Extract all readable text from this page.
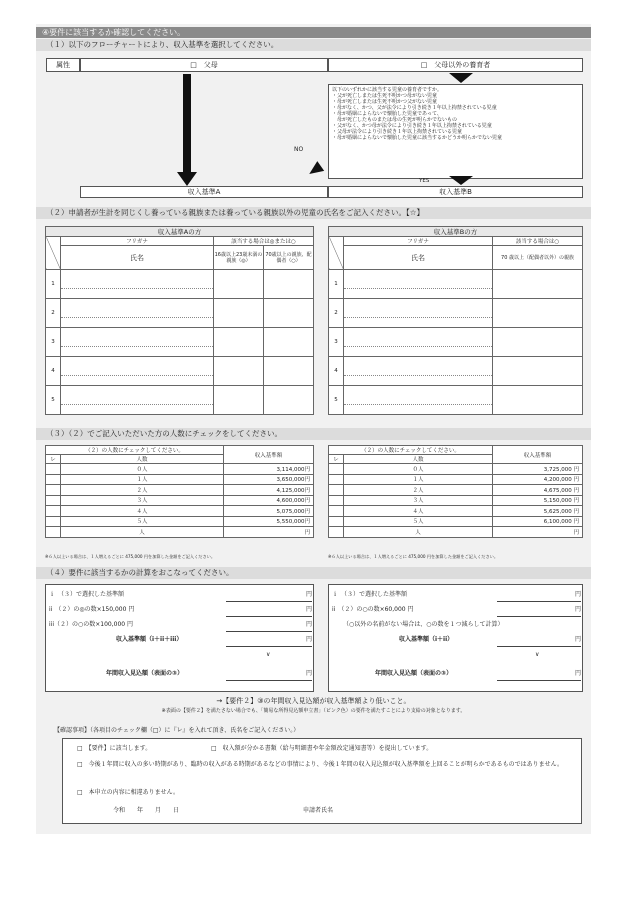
④要件に該当するか確認してください。
（１）以下のフローチャートにより、収入基準を選択してください。
属性	□　父母	□　父母以外の養育者
以下のいずれかに該当する児童の養育者ですか。
・父が死亡しまたは生死不明かつ母がない児童
・母が死亡しまたは生死不明かつ父がない児童
・母がなく、かつ、父が法令により引き続き１年以上拘禁されている児童
・母が婚姻によらないで懐胎した児童であって、
　母が死亡したものまたは母の生死が明らかでないもの
・父がなく、かつ母が法令により引き続き１年以上拘禁されている児童
・父母が法令により引き続き１年以上拘禁されている児童
・母が婚姻によらないで懐胎した児童に該当するかどうか明らかでない児童
NO
YES
収入基準A	収入基準B
（２）申請者が生計を同じくし養っている親族または養っている親族以外の児童の氏名をご記入ください。【☆】
収入基準Aの方			
	フリガナ	該当する場合は◎または○	
	氏名	16歳以上23歳未満の親族（◎）	70歳以上の親族、配偶者（○）
1	

2	

3	

4	

5	

収入基準Bの方		
	フリガナ	該当する場合は○
	氏名	70 歳以上（配偶者以外）の親族
1	

2	

3	

4	

5	

（３）（２）でご記入いただいた方の人数にチェックをしてください。
（２）の人数にチェックしてください。		収入基準額
レ	人数	
	０人	3,114,000円
	１人	3,650,000円
	２人	4,125,000円
	３人	4,600,000円
	４人	5,075,000円
	５人	5,550,000円
	人	円
※６人以上いる場合は、１人増えるごとに 475,000 円を加算した金額をご記入ください。
（２）の人数にチェックしてください。		収入基準額
レ	人数	
	０人	3,725,000 円
	１人	4,200,000 円
	２人	4,675,000 円
	３人	5,150,000 円
	４人	5,625,000 円
	５人	6,100,000 円
	人	円
※６人以上いる場合は、１人増えるごとに 475,000 円を加算した金額をご記入ください。
（４）要件に該当するかの計算をおこなってください。
ｉ　（３）で選択した基準額	円
ii　（２）の◎の数×150,000 円	円
iii（２）の○の数×100,000 円	円
収入基準額（i＋ii＋iii）	円
∨
年間収入見込額（表面の③）	円
ｉ　（３）で選択した基準額	円
ii　（２）の○の数×60,000 円	円
（○以外の名前がない場合は、○の数を１つ減らして計算）
収入基準額（i＋ii）	円
∨
年間収入見込額（表面の③）	円
→【要件２】③の年間収入見込額が収入基準額より低いこと。
※表面の【要件２】を満たさない場合でも、「簡易な所得見込額申立書」（ピンク色）の要件を満たすことにより支給の対象となります。
【確認事項】（各項目のチェック欄（□）に『レ』を入れて頂き、氏名をご記入ください。）
□　【要件】に該当します。	□　収入額が分かる書類（給与明細書や年金額改定通知書等）を提出しています。
□　今後１年間に収入の多い時期があり、臨時の収入がある時期があるなどの事情により、今後１年間の収入見込額が収入基準額を上回ることが明らかであるものではありません。
□　本申立の内容に相違ありません。
令和　　年　　月　　日	申請者氏名
